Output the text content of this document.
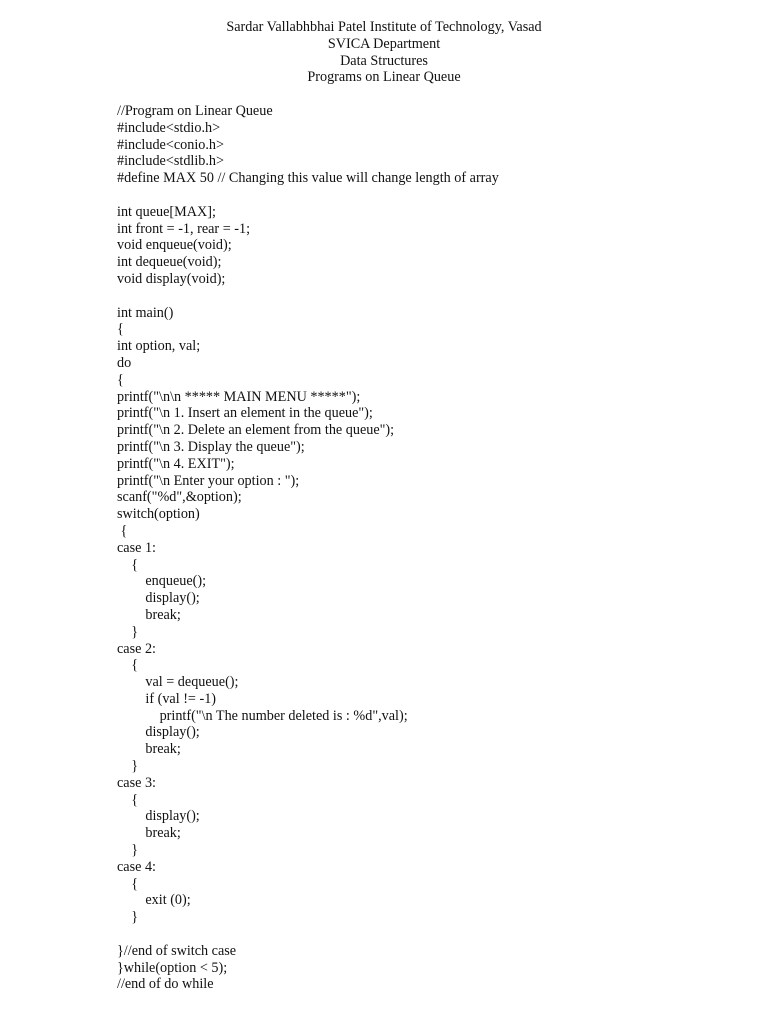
Sardar Vallabhbhai Patel Institute of Technology, Vasad
SVICA Department
Data Structures
Programs on Linear Queue
//Program on Linear Queue
#include<stdio.h>
#include<conio.h>
#include<stdlib.h>
#define MAX 50 // Changing this value will change length of array
int queue[MAX];
int front = -1, rear = -1;
void enqueue(void);
int dequeue(void);
void display(void);
int main()
{
int option, val;
do
{
printf("\n\n ***** MAIN MENU *****");
printf("\n 1. Insert an element in the queue");
printf("\n 2. Delete an element from the queue");
printf("\n 3. Display the queue");
printf("\n 4. EXIT");
printf("\n Enter your option : ");
scanf("%d",&option);
switch(option)
{
case 1:
{
enqueue();
display();
break;
}
case 2:
{
val = dequeue();
if (val != -1)
printf("\n The number deleted is : %d",val);
display();
break;
}
case 3:
{
display();
break;
}
case 4:
{
exit (0);
}
}//end of switch case
}while(option < 5);
//end of do while
